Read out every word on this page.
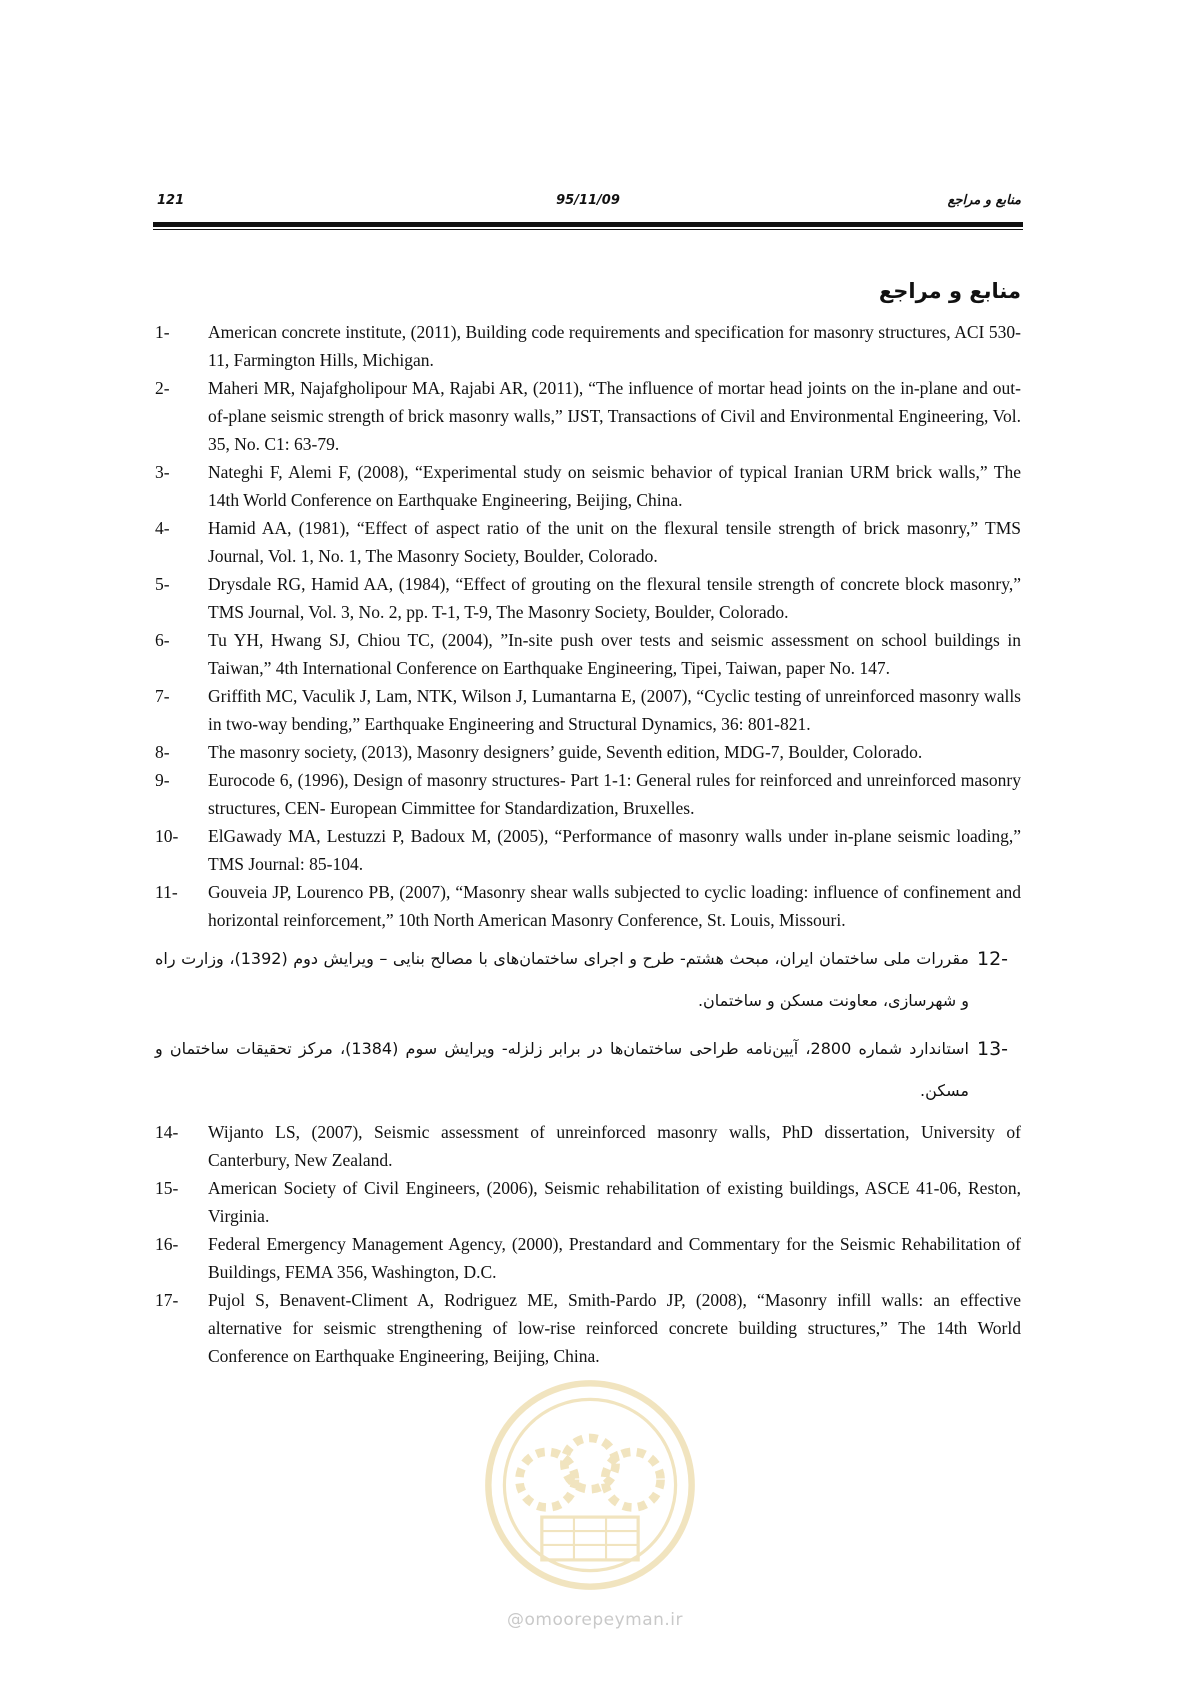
121	95/11/09	منابع و مراجع
منابع و مراجع
1-	American concrete institute, (2011), Building code requirements and specification for masonry structures, ACI 530-11, Farmington Hills, Michigan.
2-	Maheri MR, Najafgholipour MA, Rajabi AR, (2011), “The influence of mortar head joints on the in-plane and out-of-plane seismic strength of brick masonry walls,” IJST, Transactions of Civil and Environmental Engineering, Vol. 35, No. C1: 63-79.
3-	Nateghi F, Alemi F, (2008), “Experimental study on seismic behavior of typical Iranian URM brick walls,” The 14th World Conference on Earthquake Engineering, Beijing, China.
4-	Hamid AA, (1981), “Effect of aspect ratio of the unit on the flexural tensile strength of brick masonry,” TMS Journal, Vol. 1, No. 1, The Masonry Society, Boulder, Colorado.
5-	Drysdale RG, Hamid AA, (1984), “Effect of grouting on the flexural tensile strength of concrete block masonry,” TMS Journal, Vol. 3, No. 2, pp. T-1, T-9, The Masonry Society, Boulder, Colorado.
6-	Tu YH, Hwang SJ, Chiou TC, (2004), ”In-site push over tests and seismic assessment on school buildings in Taiwan,” 4th International Conference on Earthquake Engineering, Tipei, Taiwan, paper No. 147.
7-	Griffith MC, Vaculik J, Lam, NTK, Wilson J, Lumantarna E, (2007), “Cyclic testing of unreinforced masonry walls in two-way bending,” Earthquake Engineering and Structural Dynamics, 36: 801-821.
8-	The masonry society, (2013), Masonry designers’ guide, Seventh edition, MDG-7, Boulder, Colorado.
9-	Eurocode 6, (1996), Design of masonry structures- Part 1-1: General rules for reinforced and unreinforced masonry structures, CEN- European Cimmittee for Standardization, Bruxelles.
10-	ElGawady MA, Lestuzzi P, Badoux M, (2005), “Performance of masonry walls under in-plane seismic loading,” TMS Journal: 85-104.
11-	Gouveia JP, Lourenco PB, (2007), “Masonry shear walls subjected to cyclic loading: influence of confinement and horizontal reinforcement,” 10th North American Masonry Conference, St. Louis, Missouri.
12-
مقررات ملی ساختمان ایران، مبحث هشتم- طرح و اجرای ساختمان‌های با مصالح بنایی – ویرایش دوم (1392)، وزارت راه و شهرسازی، معاونت مسکن و ساختمان.
13-
استاندارد شماره 2800، آیین‌نامه طراحی ساختمان‌ها در برابر زلزله- ویرایش سوم (1384)، مرکز تحقیقات ساختمان و مسکن.
14-	Wijanto LS, (2007), Seismic assessment of unreinforced masonry walls, PhD dissertation, University of Canterbury, New Zealand.
15-	American Society of Civil Engineers, (2006), Seismic rehabilitation of existing buildings, ASCE 41-06, Reston, Virginia.
16-	Federal Emergency Management Agency, (2000), Prestandard and Commentary for the Seismic Rehabilitation of Buildings, FEMA 356, Washington, D.C.
17-	Pujol S, Benavent-Climent A, Rodriguez ME, Smith-Pardo JP, (2008), “Masonry infill walls: an effective alternative for seismic strengthening of low-rise reinforced concrete building structures,” The 14th World Conference on Earthquake Engineering, Beijing, China.
@omoorepeyman.ir
